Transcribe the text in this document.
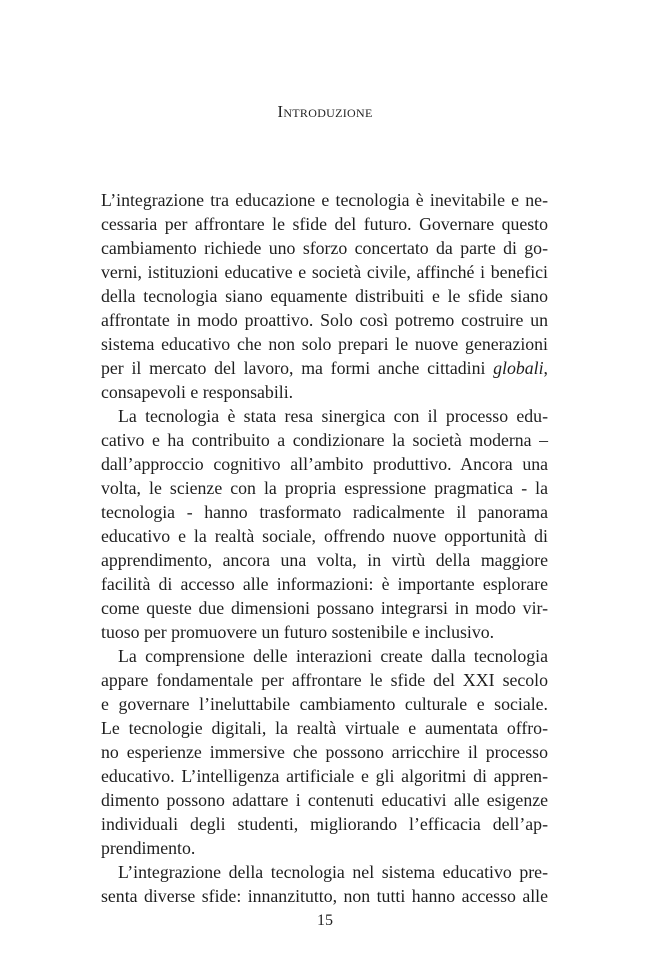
Introduzione
L’integrazione tra educazione e tecnologia è inevitabile e ne-
cessaria per affrontare le sfide del futuro. Governare questo
cambiamento richiede uno sforzo concertato da parte di go-
verni, istituzioni educative e società civile, affinché i benefici
della tecnologia siano equamente distribuiti e le sfide siano
affrontate in modo proattivo. Solo così potremo costruire un
sistema educativo che non solo prepari le nuove generazioni
per il mercato del lavoro, ma formi anche cittadini globali,
consapevoli e responsabili.
La tecnologia è stata resa sinergica con il processo edu-
cativo e ha contribuito a condizionare la società moderna –
dall’approccio cognitivo all’ambito produttivo. Ancora una
volta, le scienze con la propria espressione pragmatica - la
tecnologia - hanno trasformato radicalmente il panorama
educativo e la realtà sociale, offrendo nuove opportunità di
apprendimento, ancora una volta, in virtù della maggiore
facilità di accesso alle informazioni: è importante esplorare
come queste due dimensioni possano integrarsi in modo vir-
tuoso per promuovere un futuro sostenibile e inclusivo.
La comprensione delle interazioni create dalla tecnologia
appare fondamentale per affrontare le sfide del XXI secolo
e governare l’ineluttabile cambiamento culturale e sociale.
Le tecnologie digitali, la realtà virtuale e aumentata offro-
no esperienze immersive che possono arricchire il processo
educativo. L’intelligenza artificiale e gli algoritmi di appren-
dimento possono adattare i contenuti educativi alle esigenze
individuali degli studenti, migliorando l’efficacia dell’ap-
prendimento.
L’integrazione della tecnologia nel sistema educativo pre-
senta diverse sfide: innanzitutto, non tutti hanno accesso alle
15
